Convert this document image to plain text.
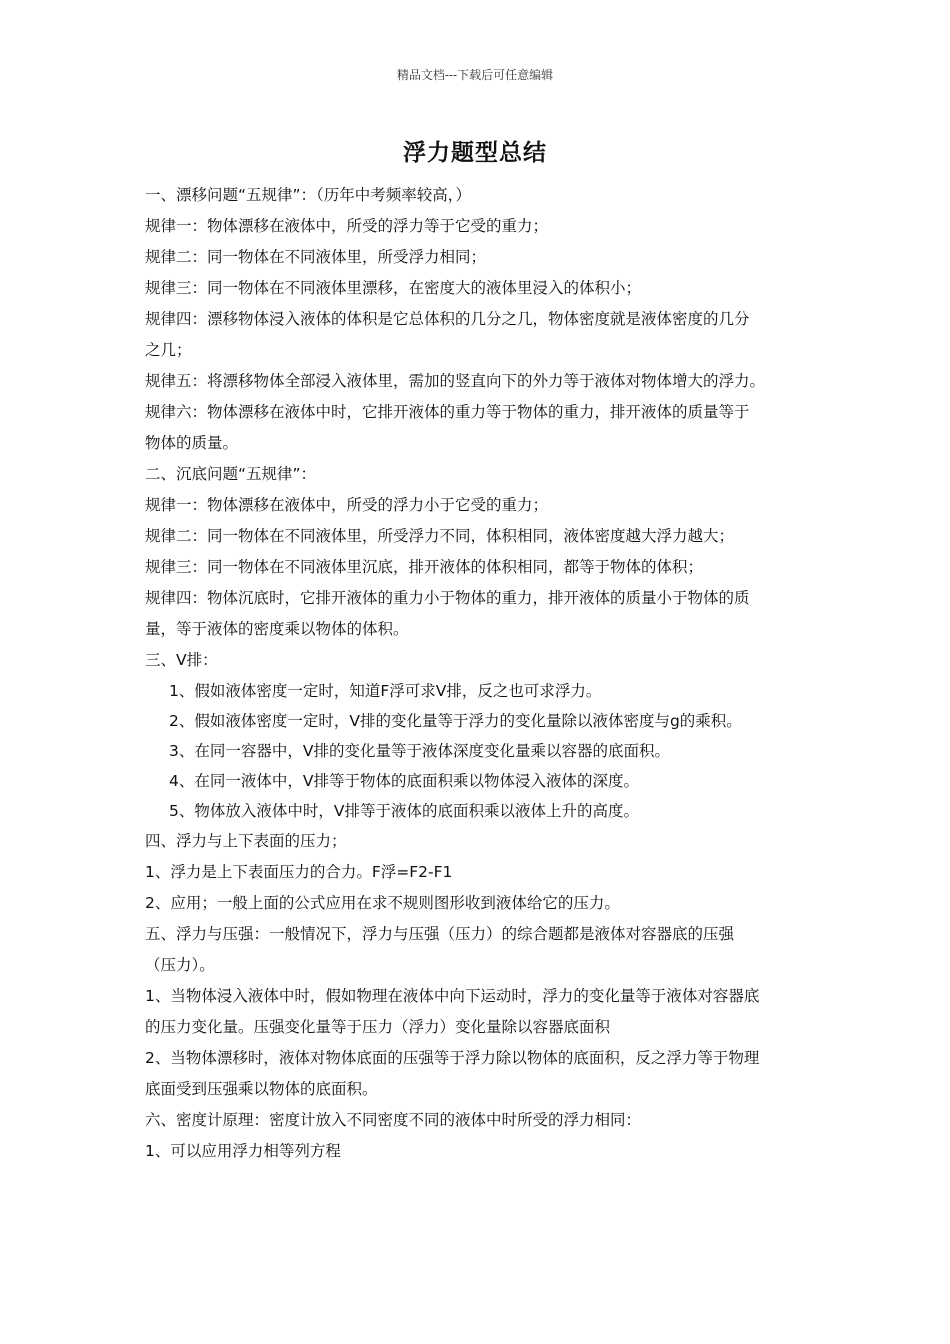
精品文档---下载后可任意编辑
浮力题型总结
一、漂移问题“五规律”：（历年中考频率较高，）
规律一：物体漂移在液体中，所受的浮力等于它受的重力；
规律二：同一物体在不同液体里，所受浮力相同；
规律三：同一物体在不同液体里漂移，在密度大的液体里浸入的体积小；
规律四：漂移物体浸入液体的体积是它总体积的几分之几，物体密度就是液体密度的几分
之几；
规律五：将漂移物体全部浸入液体里，需加的竖直向下的外力等于液体对物体增大的浮力。
规律六：物体漂移在液体中时，它排开液体的重力等于物体的重力，排开液体的质量等于
物体的质量。
二、沉底问题“五规律”：
规律一：物体漂移在液体中，所受的浮力小于它受的重力；
规律二：同一物体在不同液体里，所受浮力不同，体积相同，液体密度越大浮力越大；
规律三：同一物体在不同液体里沉底，排开液体的体积相同，都等于物体的体积；
规律四：物体沉底时，它排开液体的重力小于物体的重力，排开液体的质量小于物体的质
量，等于液体的密度乘以物体的体积。
三、V排：
1、假如液体密度一定时，知道F浮可求V排，反之也可求浮力。
2、假如液体密度一定时，V排的变化量等于浮力的变化量除以液体密度与g的乘积。
3、在同一容器中，V排的变化量等于液体深度变化量乘以容器的底面积。
4、在同一液体中，V排等于物体的底面积乘以物体浸入液体的深度。
5、物体放入液体中时，V排等于液体的底面积乘以液体上升的高度。
四、浮力与上下表面的压力；
1、浮力是上下表面压力的合力。F浮=F2-F1
2、应用；一般上面的公式应用在求不规则图形收到液体给它的压力。
五、浮力与压强：一般情况下，浮力与压强（压力）的综合题都是液体对容器底的压强
（压力）。
1、当物体浸入液体中时，假如物理在液体中向下运动时，浮力的变化量等于液体对容器底
的压力变化量。压强变化量等于压力（浮力）变化量除以容器底面积
2、当物体漂移时，液体对物体底面的压强等于浮力除以物体的底面积，反之浮力等于物理
底面受到压强乘以物体的底面积。
六、密度计原理：密度计放入不同密度不同的液体中时所受的浮力相同：
1、可以应用浮力相等列方程
